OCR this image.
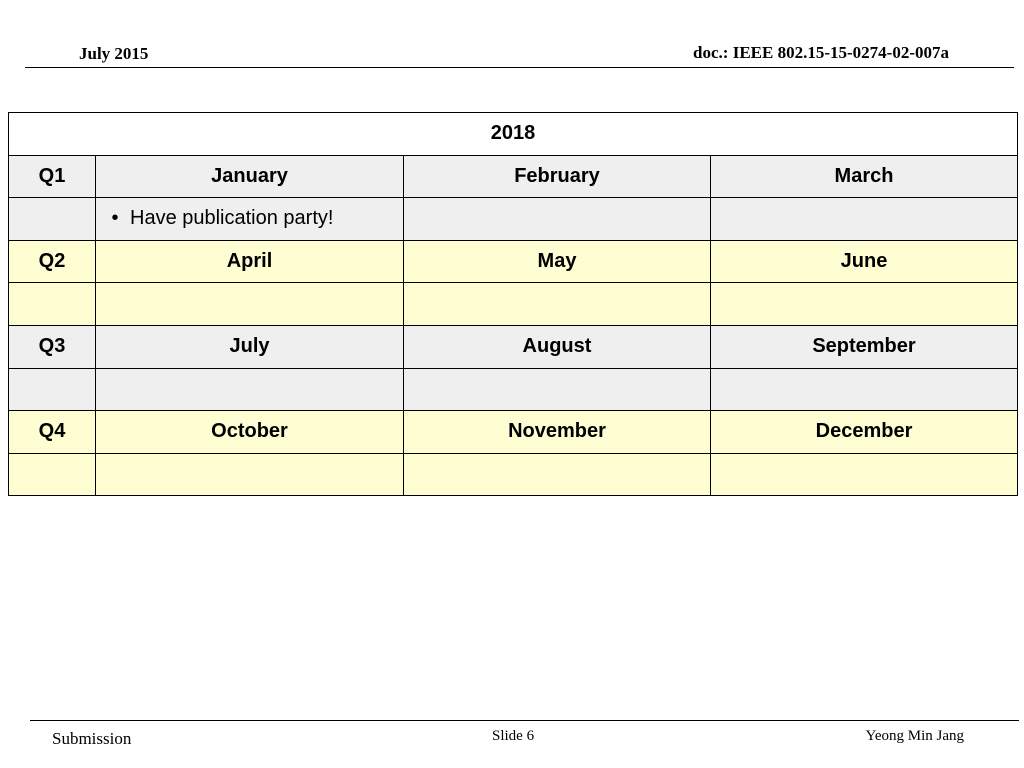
July 2015	doc.: IEEE 802.15-15-0274-02-007a
2018			
Q1	January	February	March
	• Have publication party!		
Q2	April	May	June

Q3	July	August	September

Q4	October	November	December

Submission	Slide 6	Yeong Min Jang
